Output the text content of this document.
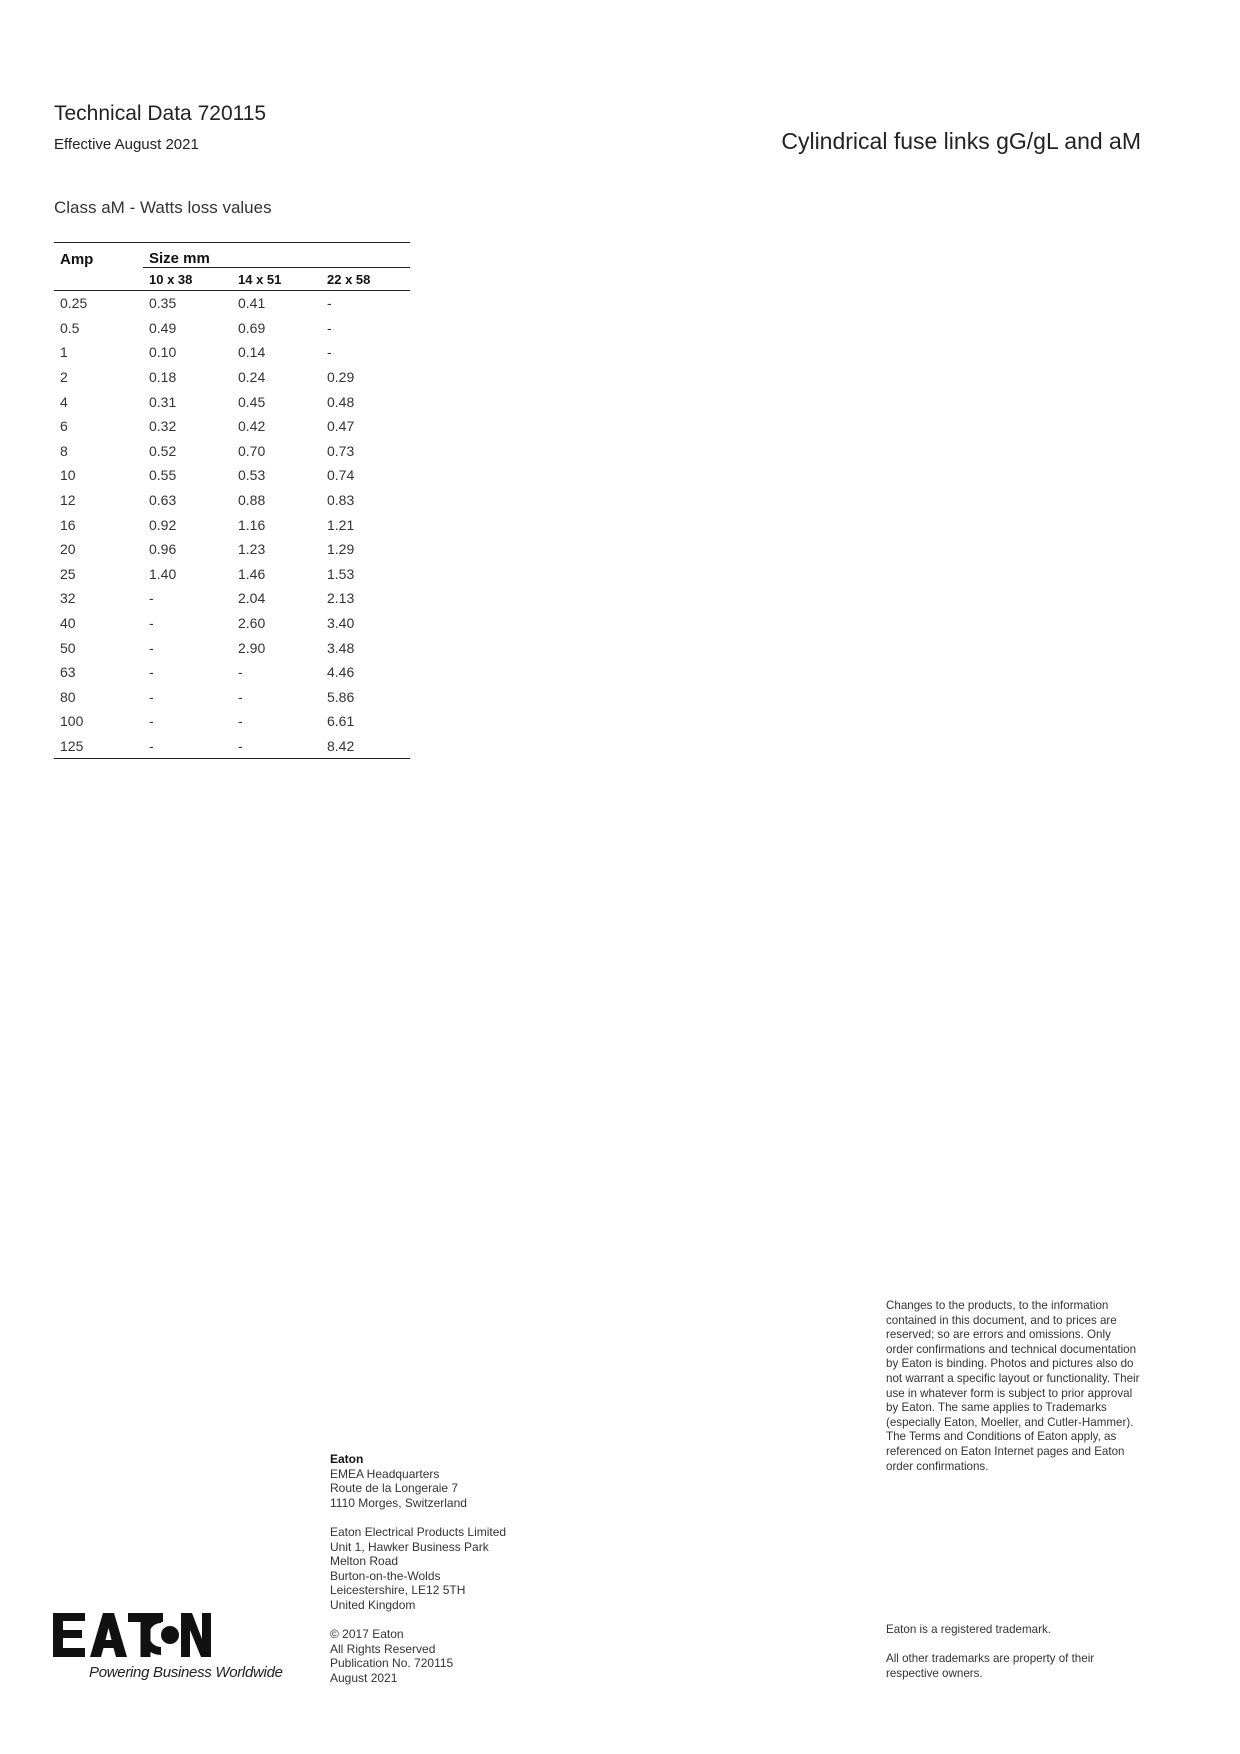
Technical Data 720115
Effective August 2021	Cylindrical fuse links gG/gL and aM
Class aM - Watts loss values
Amp	Size mm		
	10 x 38	14 x 51	22 x 58
0.25	0.35	0.41	-
0.5	0.49	0.69	-
1	0.10	0.14	-
2	0.18	0.24	0.29
4	0.31	0.45	0.48
6	0.32	0.42	0.47
8	0.52	0.70	0.73
10	0.55	0.53	0.74
12	0.63	0.88	0.83
16	0.92	1.16	1.21
20	0.96	1.23	1.29
25	1.40	1.46	1.53
32	-	2.04	2.13
40	-	2.60	3.40
50	-	2.90	3.48
63	-	-	4.46
80	-	-	5.86
100	-	-	6.61
125	-	-	8.42
Eaton
EMEA Headquarters
Route de la Longeraie 7
1110 Morges, Switzerland
Eaton Electrical Products Limited
Unit 1, Hawker Business Park
Melton Road
Burton-on-the-Wolds
Leicestershire, LE12 5TH
United Kingdom
© 2017 Eaton
All Rights Reserved
Publication No. 720115
August 2021
Changes to the products, to the information contained in this document, and to prices are reserved; so are errors and omissions. Only order confirmations and technical documentation by Eaton is binding. Photos and pictures also do not warrant a specific layout or functionality. Their use in whatever form is subject to prior approval by Eaton. The same applies to Trademarks (especially Eaton, Moeller, and Cutler-Hammer). The Terms and Conditions of Eaton apply, as referenced on Eaton Internet pages and Eaton order confirmations.

Eaton is a registered trademark.

All other trademarks are property of their respective owners.

Powering Business Worldwide
